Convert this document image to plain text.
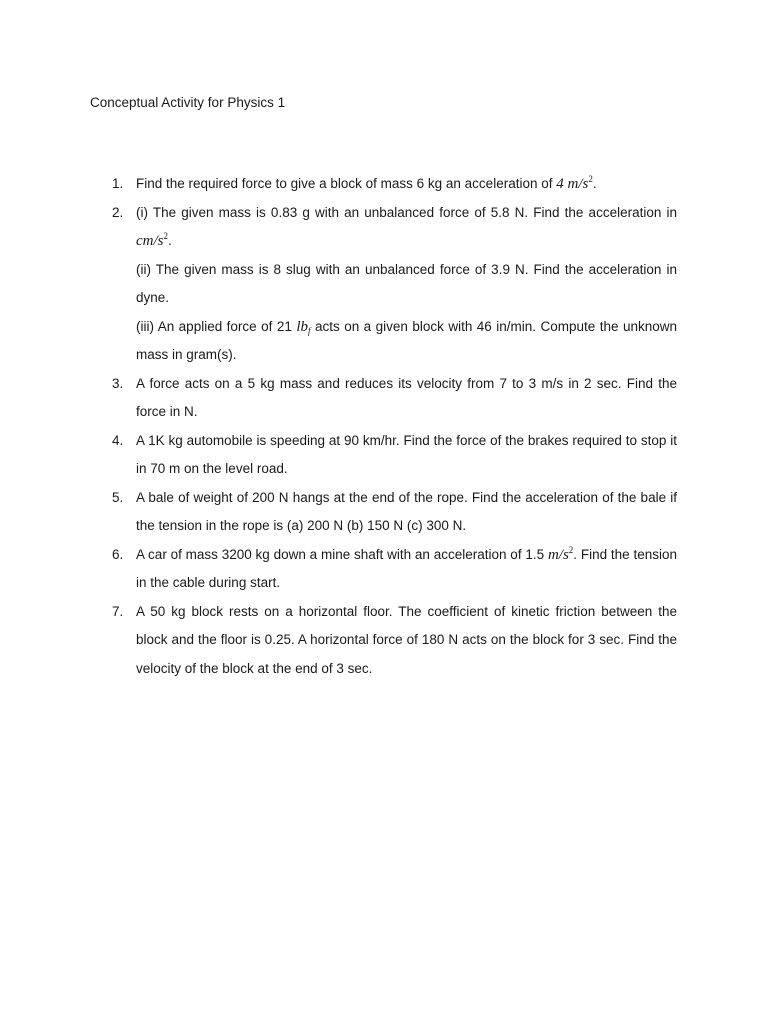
Conceptual Activity for Physics 1
1. Find the required force to give a block of mass 6 kg an acceleration of 4 $m/s^2$.
2. (i) The given mass is 0.83 g with an unbalanced force of 5.8 N. Find the acceleration in $cm/s^2$.
(ii) The given mass is 8 slug with an unbalanced force of 3.9 N. Find the acceleration in dyne.
(iii) An applied force of 21 $lb_f$ acts on a given block with 46 in/min. Compute the unknown mass in gram(s).
3. A force acts on a 5 kg mass and reduces its velocity from 7 to 3 m/s in 2 sec. Find the force in N.
4. A 1K kg automobile is speeding at 90 km/hr. Find the force of the brakes required to stop it in 70 m on the level road.
5. A bale of weight of 200 N hangs at the end of the rope. Find the acceleration of the bale if the tension in the rope is (a) 200 N (b) 150 N (c) 300 N.
6. A car of mass 3200 kg down a mine shaft with an acceleration of 1.5 $m/s^2$. Find the tension in the cable during start.
7. A 50 kg block rests on a horizontal floor. The coefficient of kinetic friction between the block and the floor is 0.25. A horizontal force of 180 N acts on the block for 3 sec. Find the velocity of the block at the end of 3 sec.
